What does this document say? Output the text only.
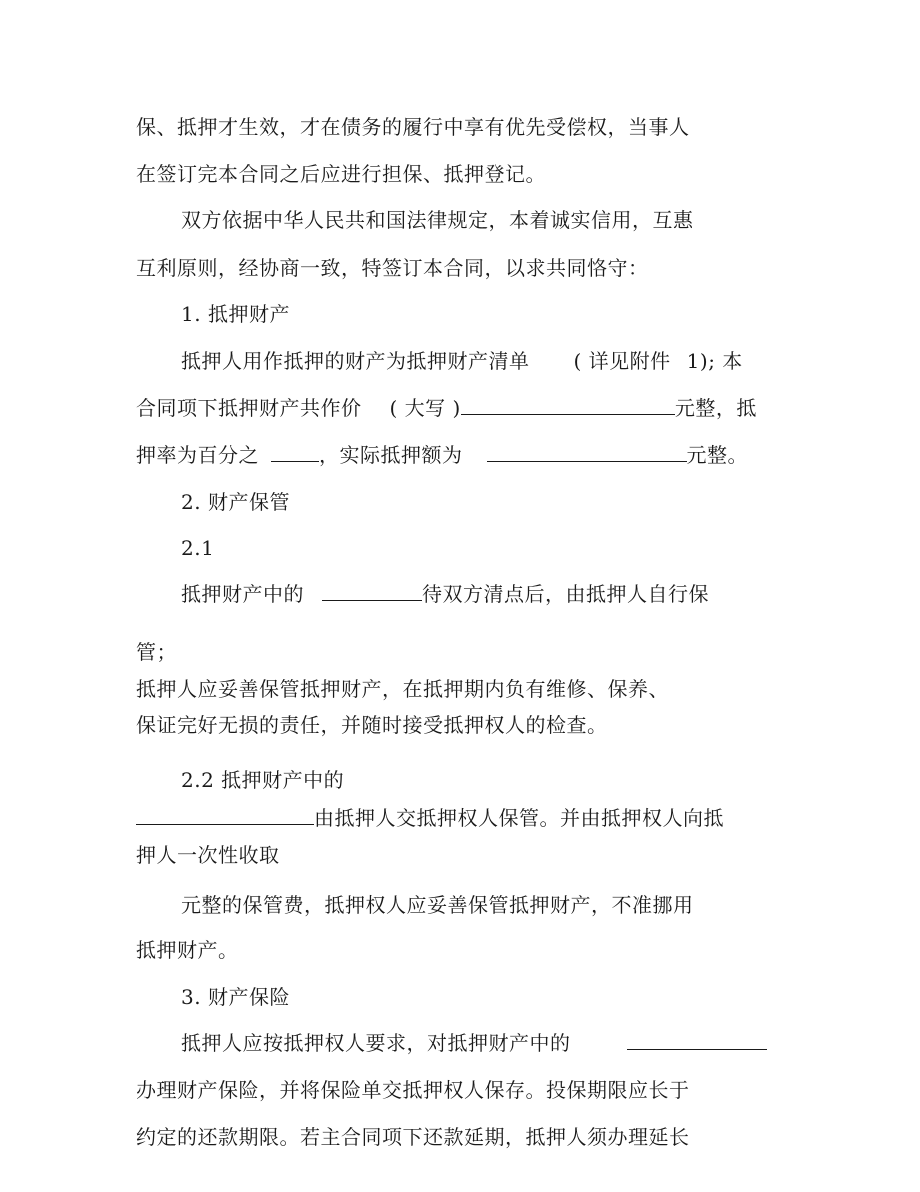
保、抵押才生效，才在债务的履行中享有优先受偿权，当事人
在签订完本合同之后应进行担保、抵押登记。
双方依据中华人民共和国法律规定，本着诚实信用，互惠
互利原则，经协商一致，特签订本合同，以求共同恪守：
1. 抵押财产
抵押人用作抵押的财产为抵押财产清单 ( 详见附件 1); 本
合同项下抵押财产共作价 ( 大写 )	元整，抵
押率为百分之	，实际抵押额为	元整。
2. 财产保管
2.1
抵押财产中的	待双方清点后，由抵押人自行保
管；
抵押人应妥善保管抵押财产，在抵押期内负有维修、保养、
保证完好无损的责任，并随时接受抵押权人的检查。
2.2 抵押财产中的
由抵押人交抵押权人保管。并由抵押权人向抵
押人一次性收取
元整的保管费，抵押权人应妥善保管抵押财产，不准挪用
抵押财产。
3. 财产保险
抵押人应按抵押权人要求，对抵押财产中的
办理财产保险，并将保险单交抵押权人保存。投保期限应长于
约定的还款期限。若主合同项下还款延期，抵押人须办理延长
